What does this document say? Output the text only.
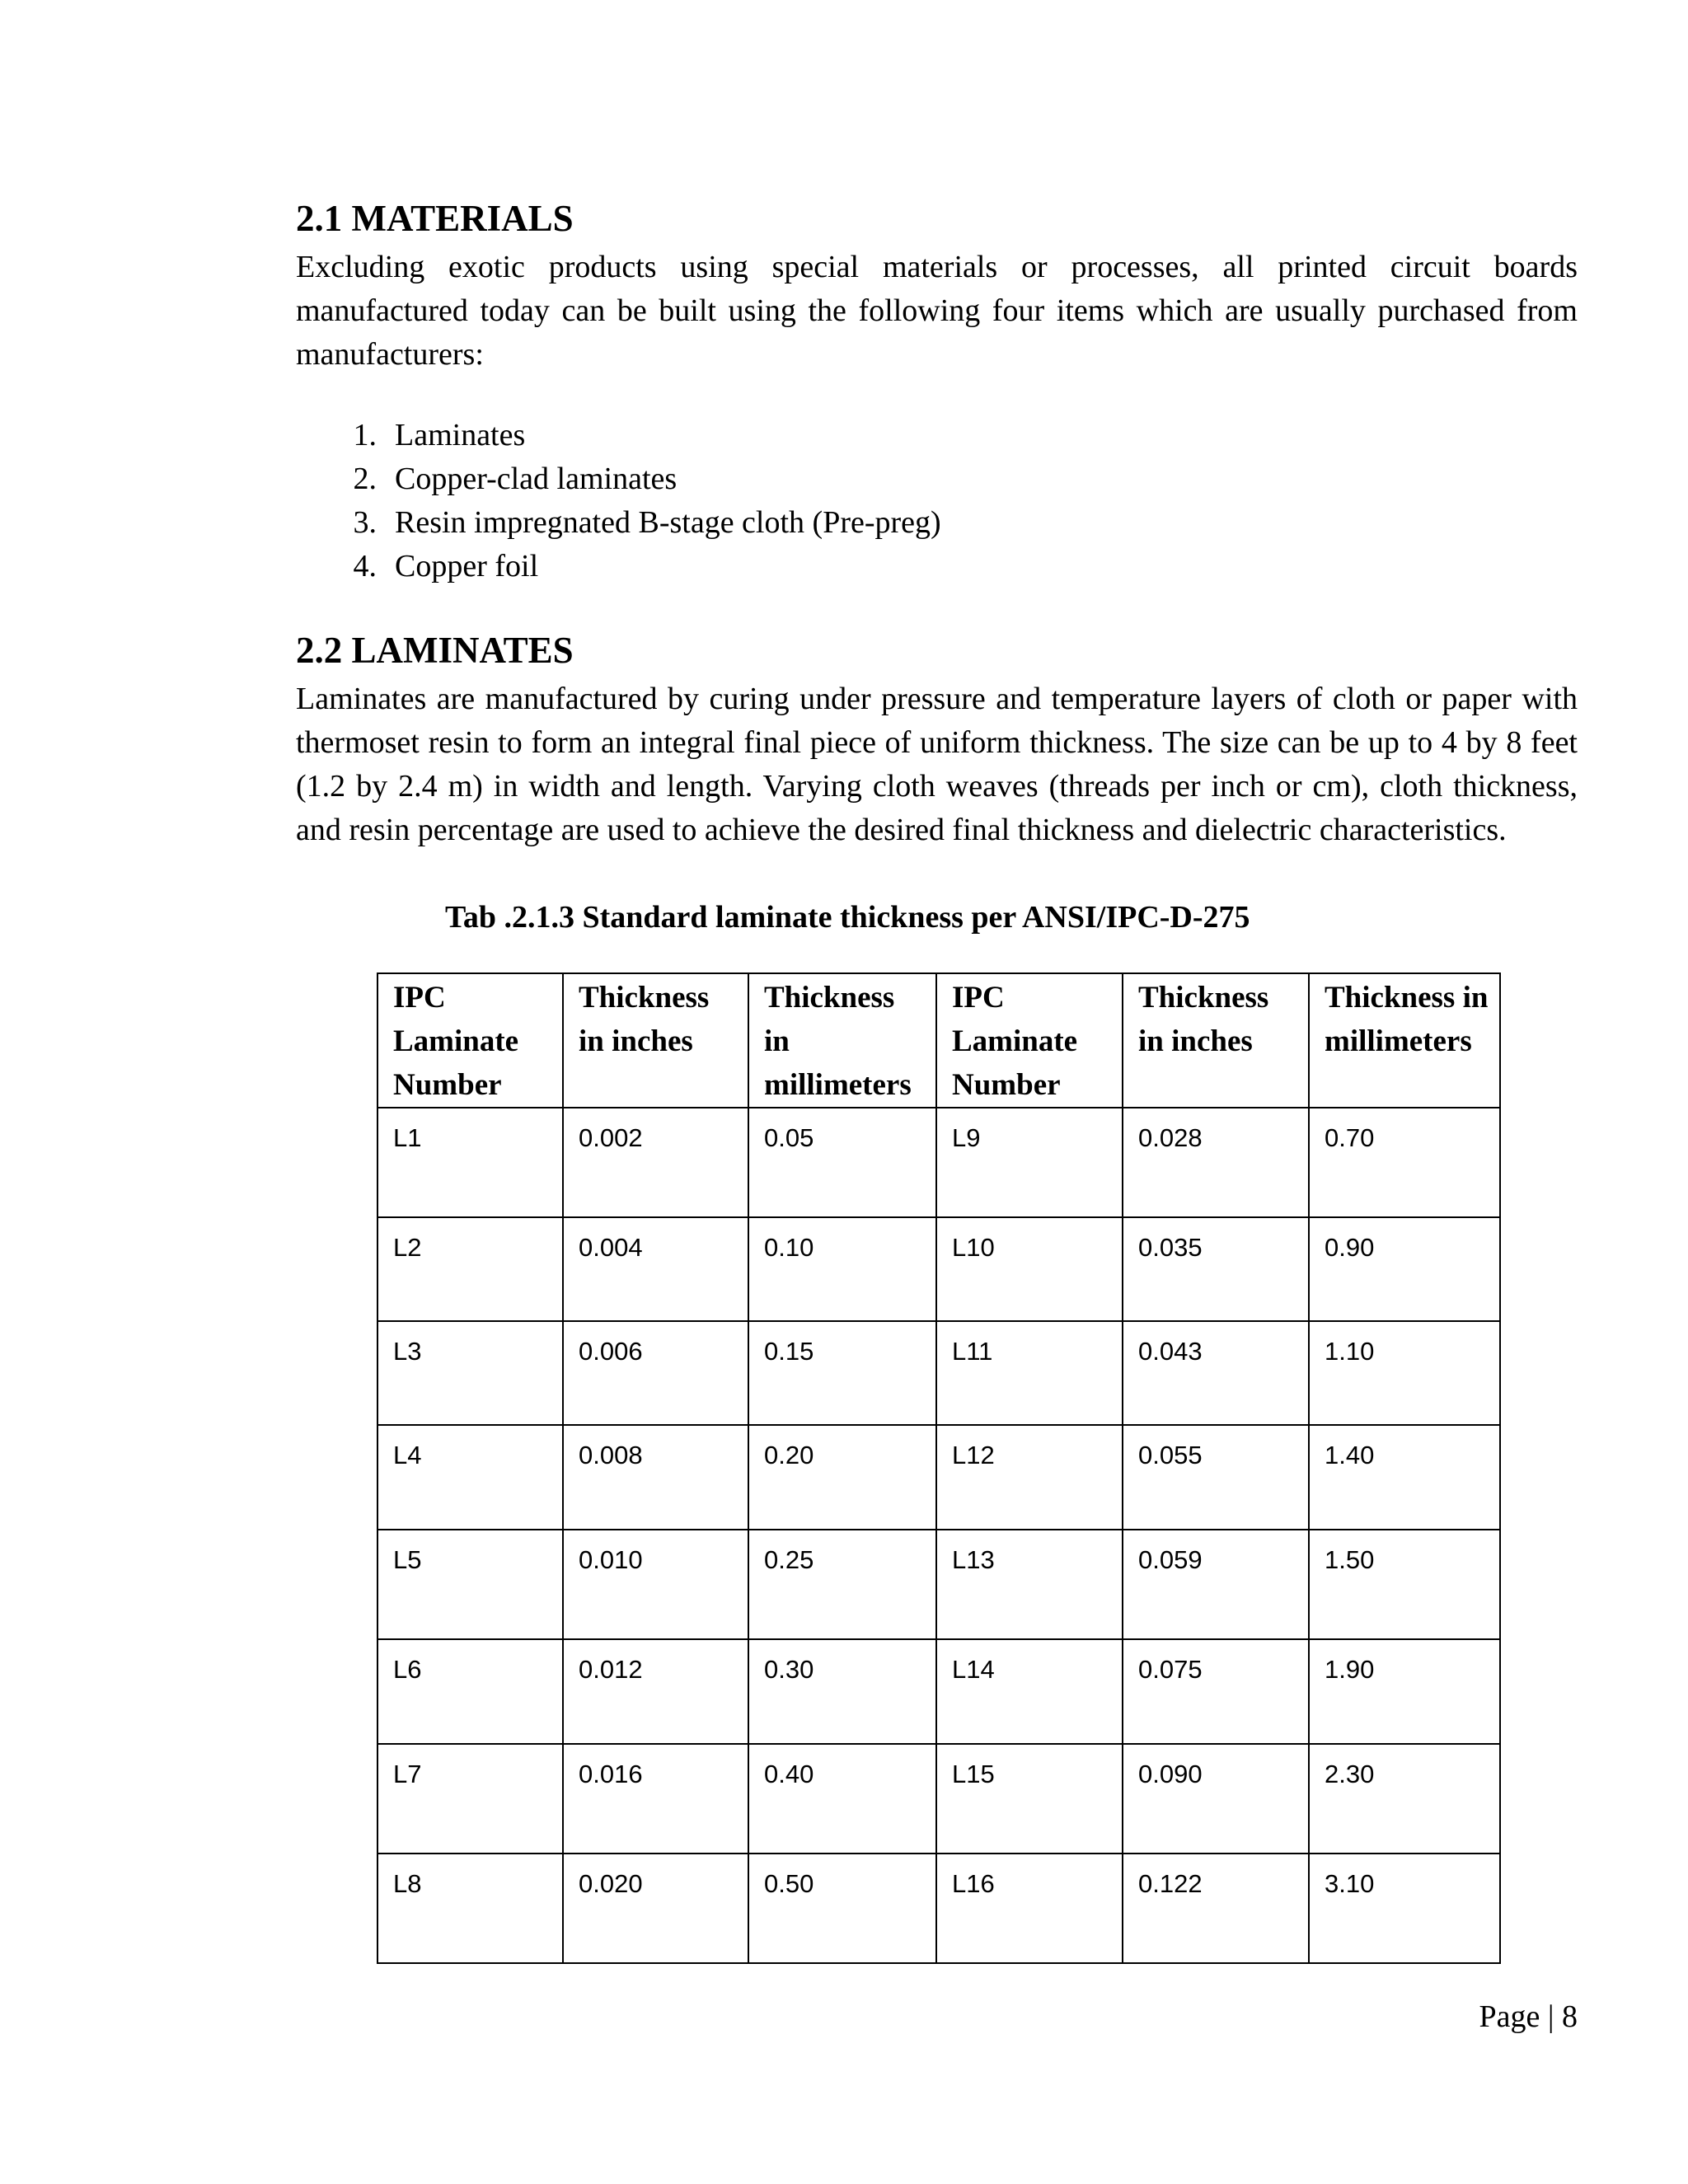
2.1 MATERIALS
Excluding exotic products using special materials or processes, all printed circuit boards manufactured today can be built using the following four items which are usually purchased from manufacturers:
1. Laminates
2. Copper-clad laminates
3. Resin impregnated B-stage cloth (Pre-preg)
4. Copper foil
2.2 LAMINATES
Laminates are manufactured by curing under pressure and temperature layers of cloth or paper with thermoset resin to form an integral final piece of uniform thickness. The size can be up to 4 by 8 feet (1.2 by 2.4 m) in width and length. Varying cloth weaves (threads per inch or cm), cloth thickness, and resin percentage are used to achieve the desired final thickness and dielectric characteristics.
Tab .2.1.3 Standard laminate thickness per ANSI/IPC-D-275
IPC Laminate Number	Thickness in inches	Thickness in millimeters	IPC Laminate Number	Thickness in inches	Thickness in millimeters
L1	0.002	0.05	L9	0.028	0.70
L2	0.004	0.10	L10	0.035	0.90
L3	0.006	0.15	L11	0.043	1.10
L4	0.008	0.20	L12	0.055	1.40
L5	0.010	0.25	L13	0.059	1.50
L6	0.012	0.30	L14	0.075	1.90
L7	0.016	0.40	L15	0.090	2.30
L8	0.020	0.50	L16	0.122	3.10
Page | 8
